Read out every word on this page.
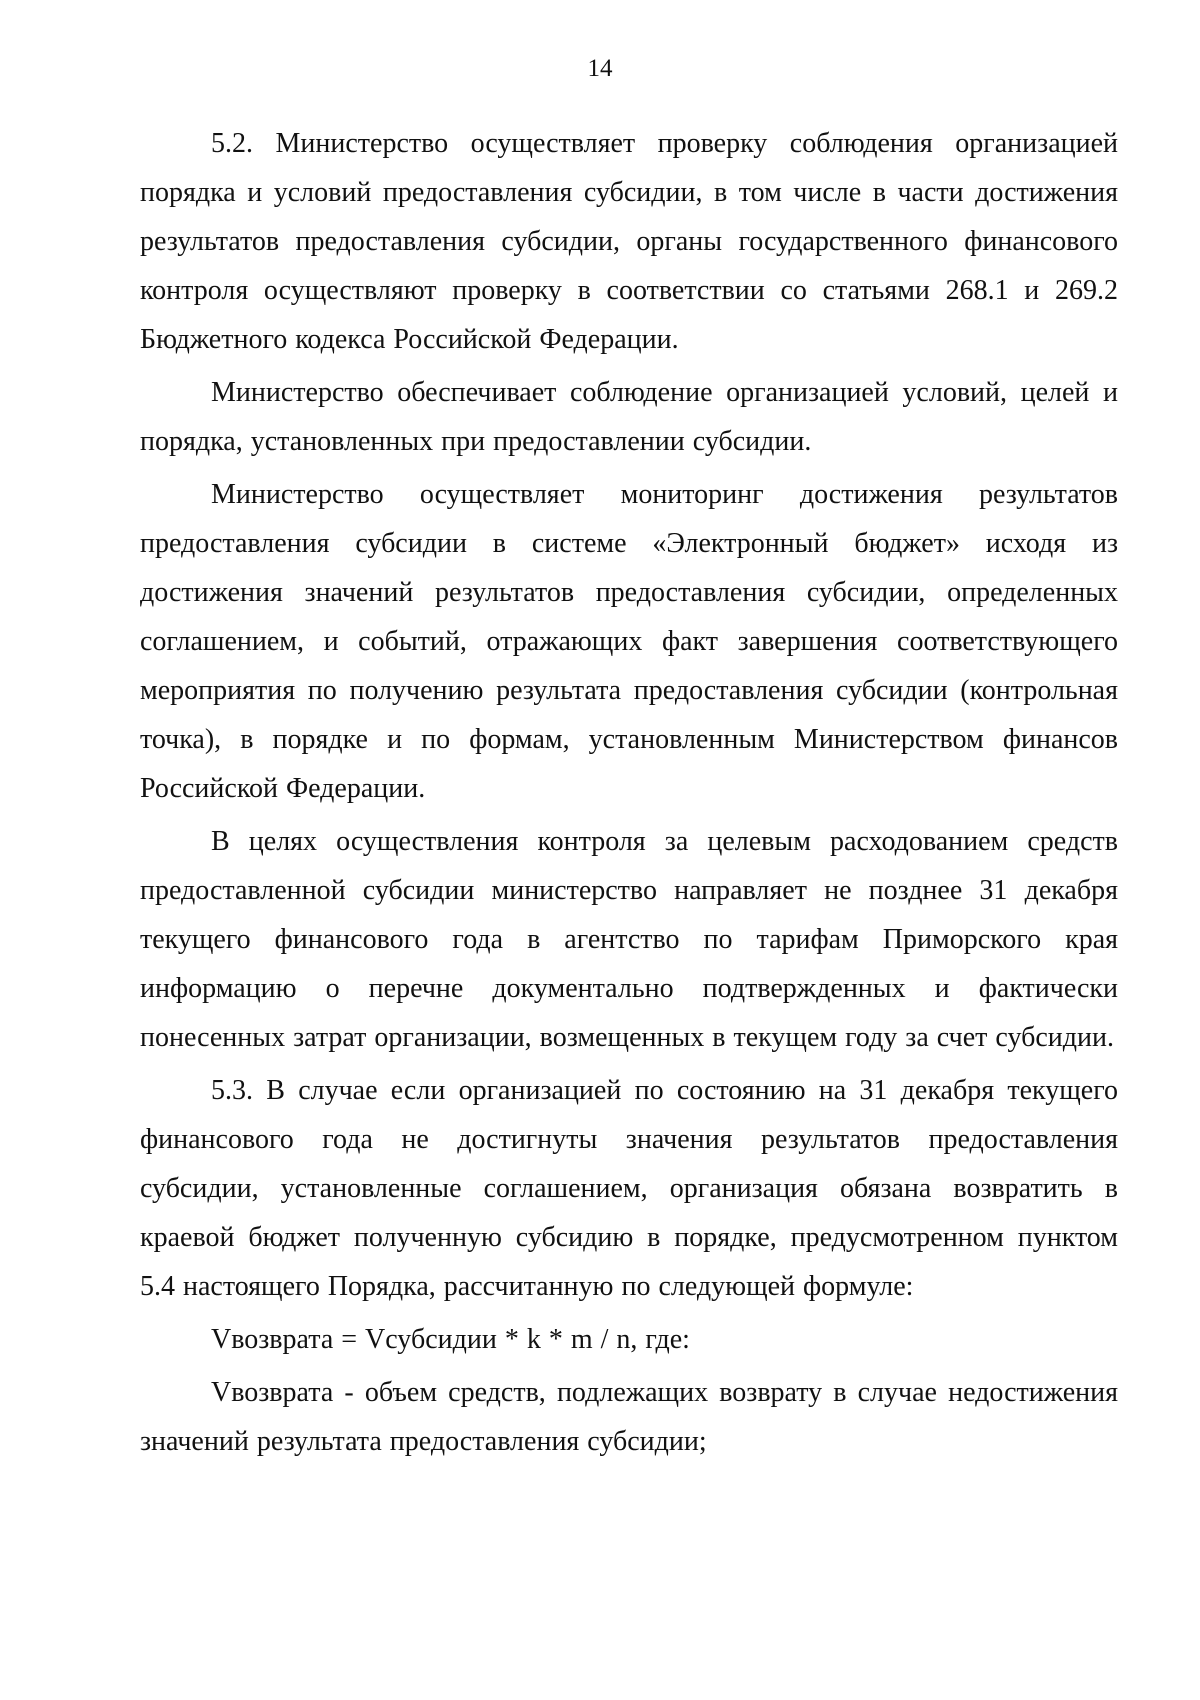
14

5.2. Министерство осуществляет проверку соблюдения организацией порядка и условий предоставления субсидии, в том числе в части достижения результатов предоставления субсидии, органы государственного финансового контроля осуществляют проверку в соответствии со статьями 268.1 и 269.2 Бюджетного кодекса Российской Федерации.

Министерство обеспечивает соблюдение организацией условий, целей и порядка, установленных при предоставлении субсидии.

Министерство осуществляет мониторинг достижения результатов предоставления субсидии в системе «Электронный бюджет» исходя из достижения значений результатов предоставления субсидии, определенных соглашением, и событий, отражающих факт завершения соответствующего мероприятия по получению результата предоставления субсидии (контрольная точка), в порядке и по формам, установленным Министерством финансов Российской Федерации.

В целях осуществления контроля за целевым расходованием средств предоставленной субсидии министерство направляет не позднее 31 декабря текущего финансового года в агентство по тарифам Приморского края информацию о перечне документально подтвержденных и фактически понесенных затрат организации, возмещенных в текущем году за счет субсидии.

5.3. В случае если организацией по состоянию на 31 декабря текущего финансового года не достигнуты значения результатов предоставления субсидии, установленные соглашением, организация обязана возвратить в краевой бюджет полученную субсидию в порядке, предусмотренном пунктом 5.4 настоящего Порядка, рассчитанную по следующей формуле:

Vвозврата = Vсубсидии * k * m / n, где:

Vвозврата - объем средств, подлежащих возврату в случае недостижения значений результата предоставления субсидии;
